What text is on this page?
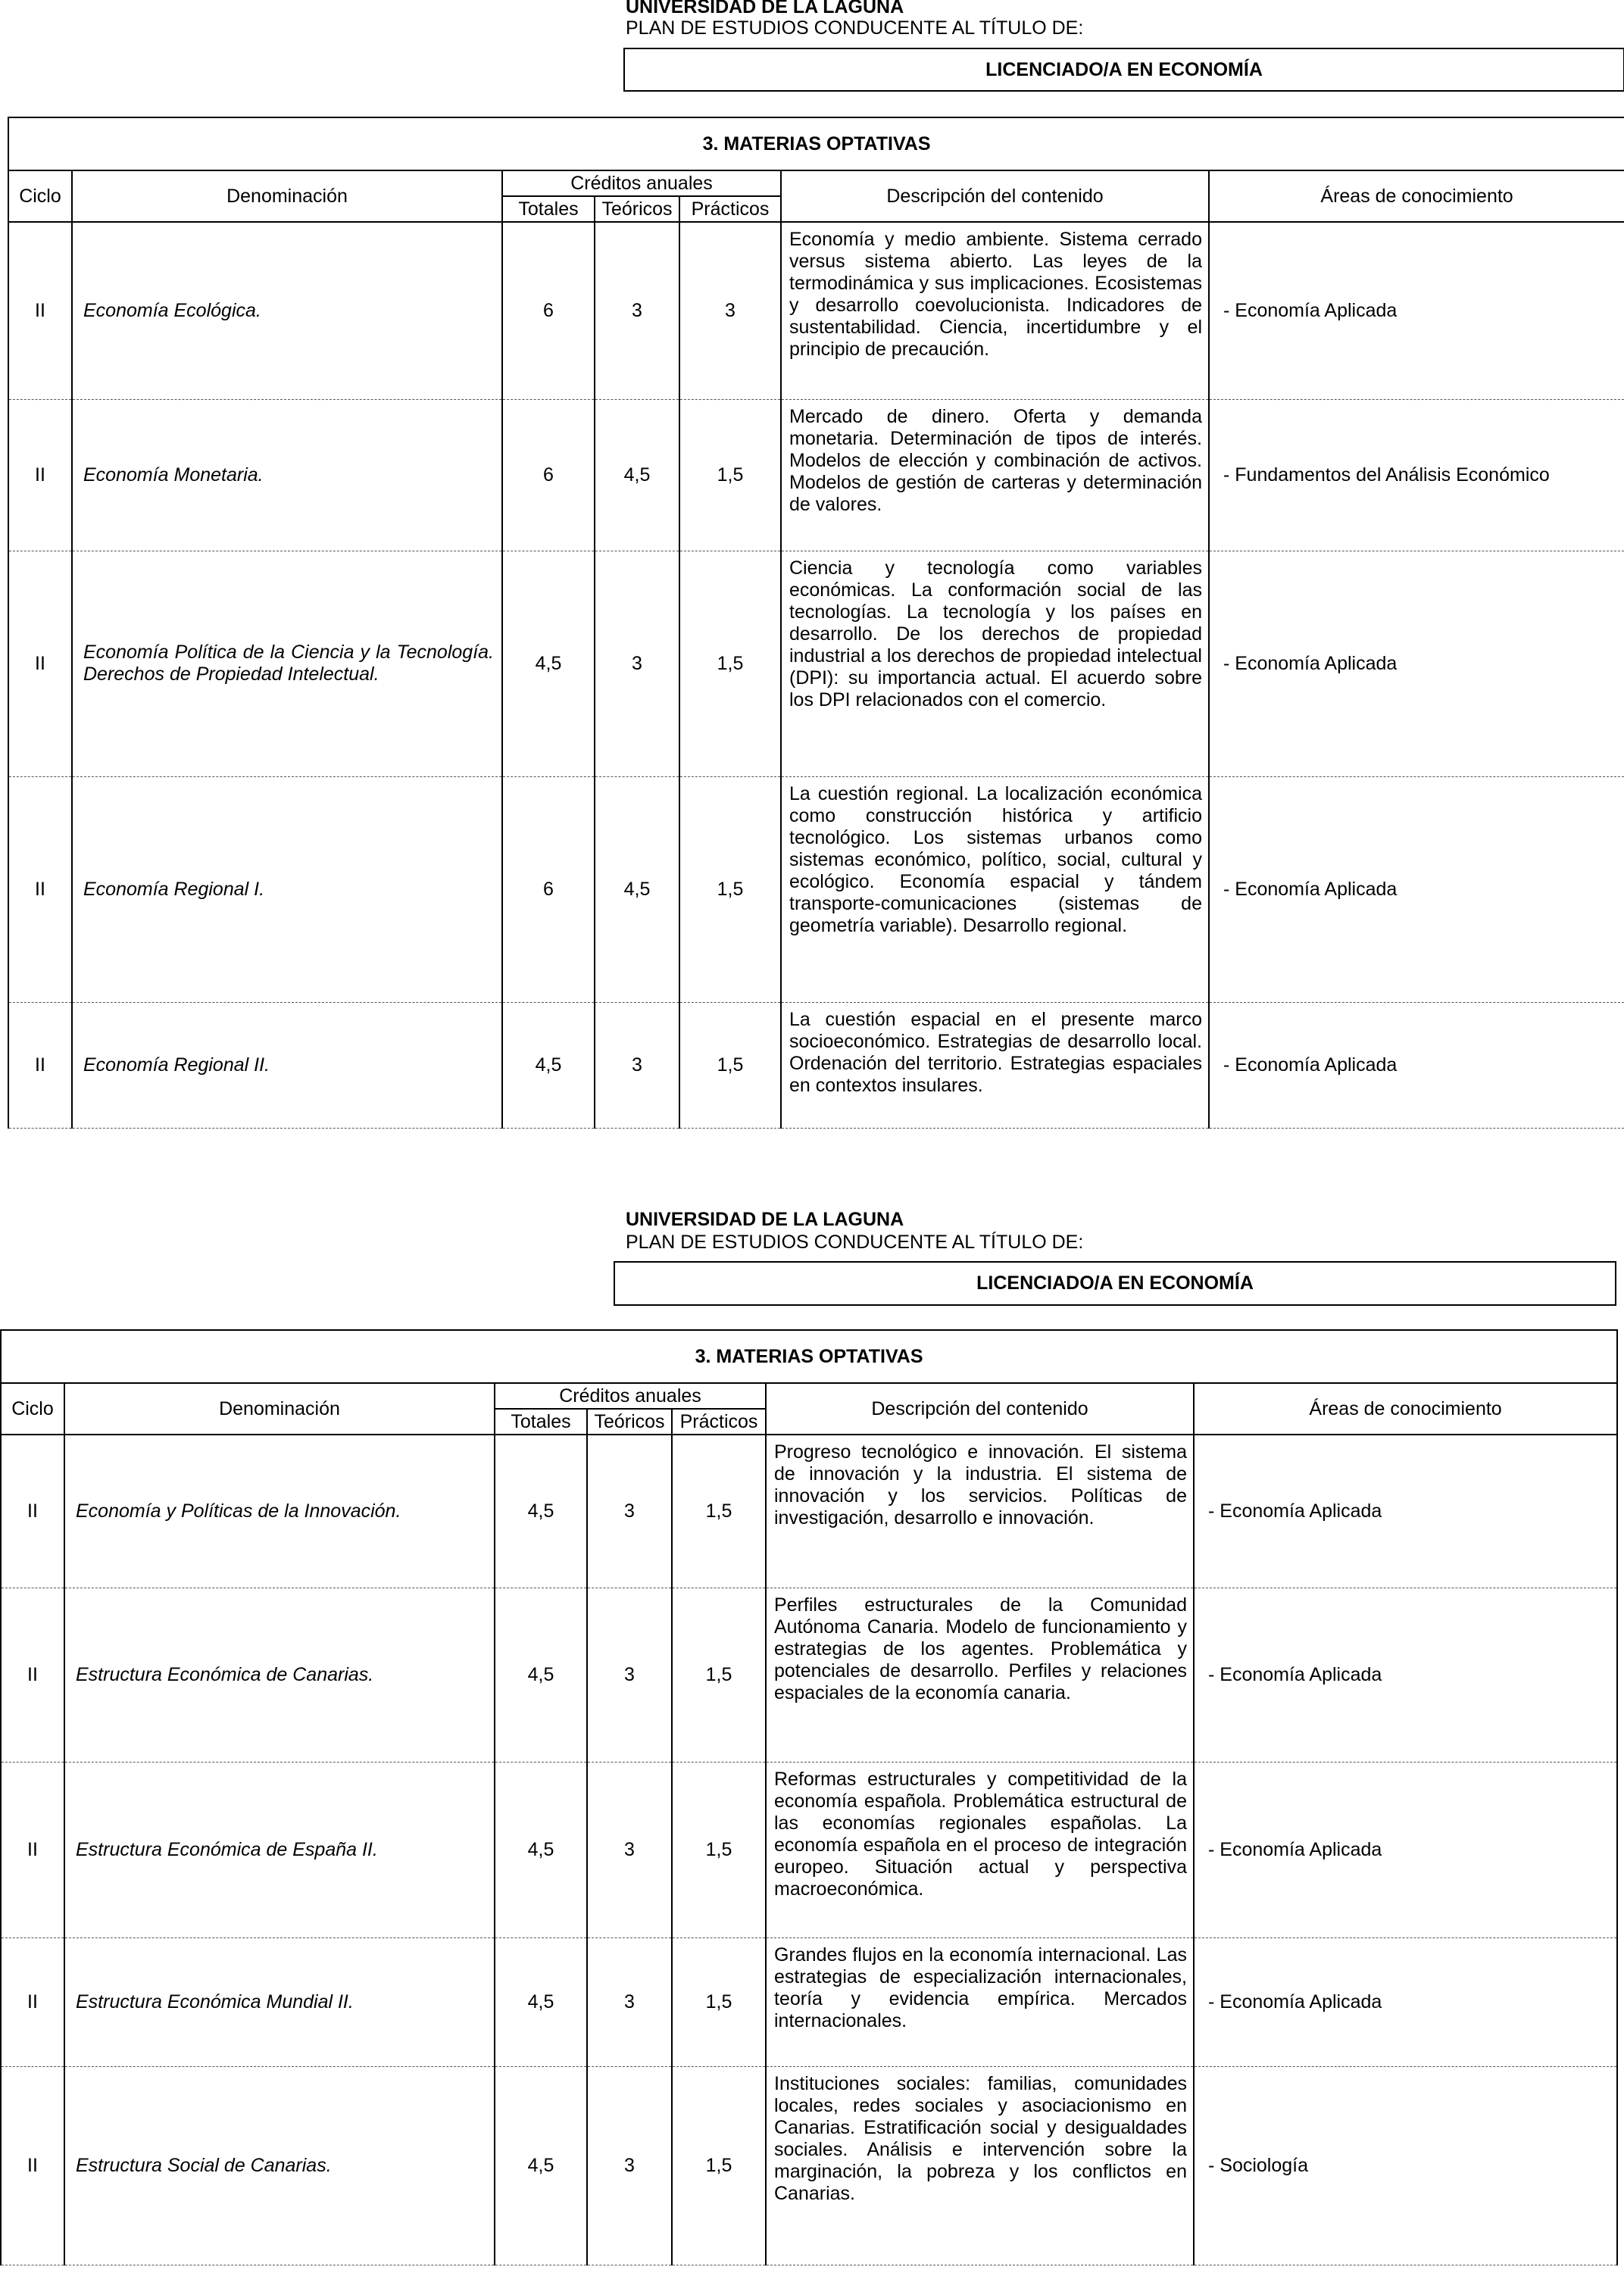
UNIVERSIDAD DE LA LAGUNA
PLAN DE ESTUDIOS CONDUCENTE AL TÍTULO DE:
LICENCIADO/A EN ECONOMÍA
3. MATERIAS OPTATIVAS						
Ciclo	Denominación	Créditos anuales			Descripción del contenido	Áreas de conocimiento
		Totales	Teóricos	Prácticos		
II	Economía Ecológica.	6	3	3	Economía y medio ambiente. Sistema cerrado versus sistema abierto. Las leyes de la termodinámica y sus implicaciones. Ecosistemas y desarrollo coevolucionista. Indicadores de sustentabilidad. Ciencia, incertidumbre y el principio de precaución.	- Economía Aplicada
II	Economía Monetaria.	6	4,5	1,5	Mercado de dinero. Oferta y demanda monetaria. Determinación de tipos de interés. Modelos de elección y combinación de activos. Modelos de gestión de carteras y determinación de valores.	- Fundamentos del Análisis Económico
II	Economía Política de la Ciencia y la Tecnología. Derechos de Propiedad Intelectual.	4,5	3	1,5	Ciencia y tecnología como variables económicas. La conformación social de las tecnologías. La tecnología y los países en desarrollo. De los derechos de propiedad industrial a los derechos de propiedad intelectual (DPI): su importancia actual. El acuerdo sobre los DPI relacionados con el comercio.	- Economía Aplicada
II	Economía Regional I.	6	4,5	1,5	La cuestión regional. La localización económica como construcción histórica y artificio tecnológico. Los sistemas urbanos como sistemas económico, político, social, cultural y ecológico. Economía espacial y tándem transporte-comunicaciones (sistemas de geometría variable). Desarrollo regional.	- Economía Aplicada
II	Economía Regional II.	4,5	3	1,5	La cuestión espacial en el presente marco socioeconómico. Estrategias de desarrollo local. Ordenación del territorio. Estrategias espaciales en contextos insulares.	- Economía Aplicada
UNIVERSIDAD DE LA LAGUNA
PLAN DE ESTUDIOS CONDUCENTE AL TÍTULO DE:
LICENCIADO/A EN ECONOMÍA
3. MATERIAS OPTATIVAS						
Ciclo	Denominación	Créditos anuales			Descripción del contenido	Áreas de conocimiento
		Totales	Teóricos	Prácticos		
II	Economía y Políticas de la Innovación.	4,5	3	1,5	Progreso tecnológico e innovación. El sistema de innovación y la industria. El sistema de innovación y los servicios. Políticas de investigación, desarrollo e innovación.	- Economía Aplicada
II	Estructura Económica de Canarias.	4,5	3	1,5	Perfiles estructurales de la Comunidad Autónoma Canaria. Modelo de funcionamiento y estrategias de los agentes. Problemática y potenciales de desarrollo. Perfiles y relaciones espaciales de la economía canaria.	- Economía Aplicada
II	Estructura Económica de España II.	4,5	3	1,5	Reformas estructurales y competitividad de la economía española. Problemática estructural de las economías regionales españolas. La economía española en el proceso de integración europeo. Situación actual y perspectiva macroeconómica.	- Economía Aplicada
II	Estructura Económica Mundial II.	4,5	3	1,5	Grandes flujos en la economía internacional. Las estrategias de especialización internacionales, teoría y evidencia empírica. Mercados internacionales.	- Economía Aplicada
II	Estructura Social de Canarias.	4,5	3	1,5	Instituciones sociales: familias, comunidades locales, redes sociales y asociacionismo en Canarias. Estratificación social y desigualdades sociales. Análisis e intervención sobre la marginación, la pobreza y los conflictos en Canarias.	- Sociología
